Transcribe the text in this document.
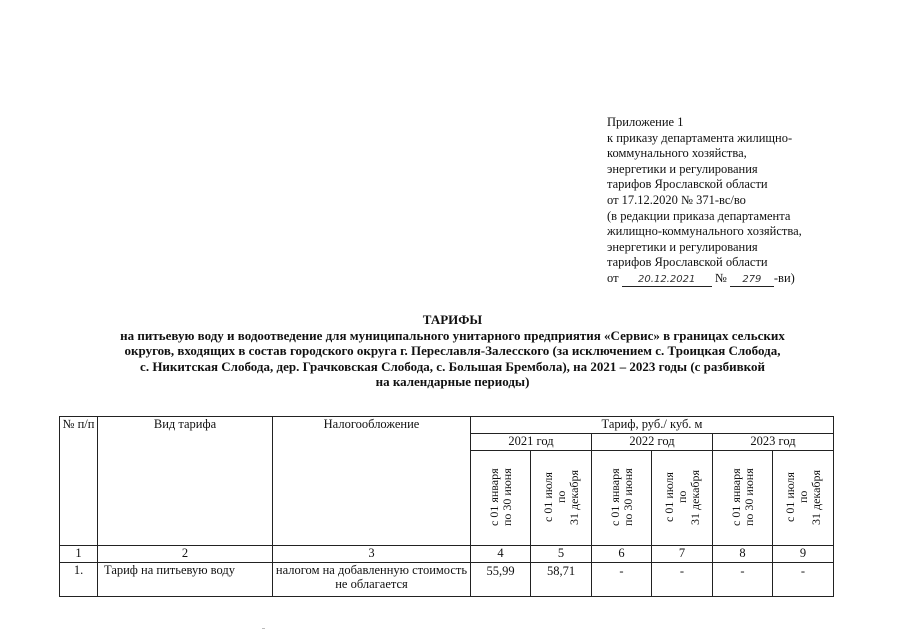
Приложение 1
к приказу департамента жилищно-
коммунального хозяйства,
энергетики и регулирования
тарифов Ярославской области
от 17.12.2020 № 371-вс/во
(в редакции приказа департамента
жилищно-коммунального хозяйства,
энергетики и регулирования
тарифов Ярославской области
от 20.12.2021 № 279 -ви)
ТАРИФЫ
на питьевую воду и водоотведение для муниципального унитарного предприятия «Сервис» в границах сельских
округов, входящих в состав городского округа г. Переславля-Залесского (за исключением с. Троицкая Слобода,
с. Никитская Слобода, дер. Грачковская Слобода, с. Большая Брембола), на 2021 – 2023 годы (с разбивкой
на календарные периоды)
№ п/п	Вид тарифа	Налогообложение	Тариф, руб./ куб. м					
			2021 год		2022 год		2023 год	

			с 01 января по 30 июня	с 01 июля по 31 декабря	с 01 января по 30 июня	с 01 июля по 31 декабря	с 01 января по 30 июня	с 01 июля по 31 декабря

1	2	3	4	5	6	7	8	9
1.	Тариф на питьевую воду	налогом на добавленную стоимость не облагается	55,99	58,71	-	-	-	-
